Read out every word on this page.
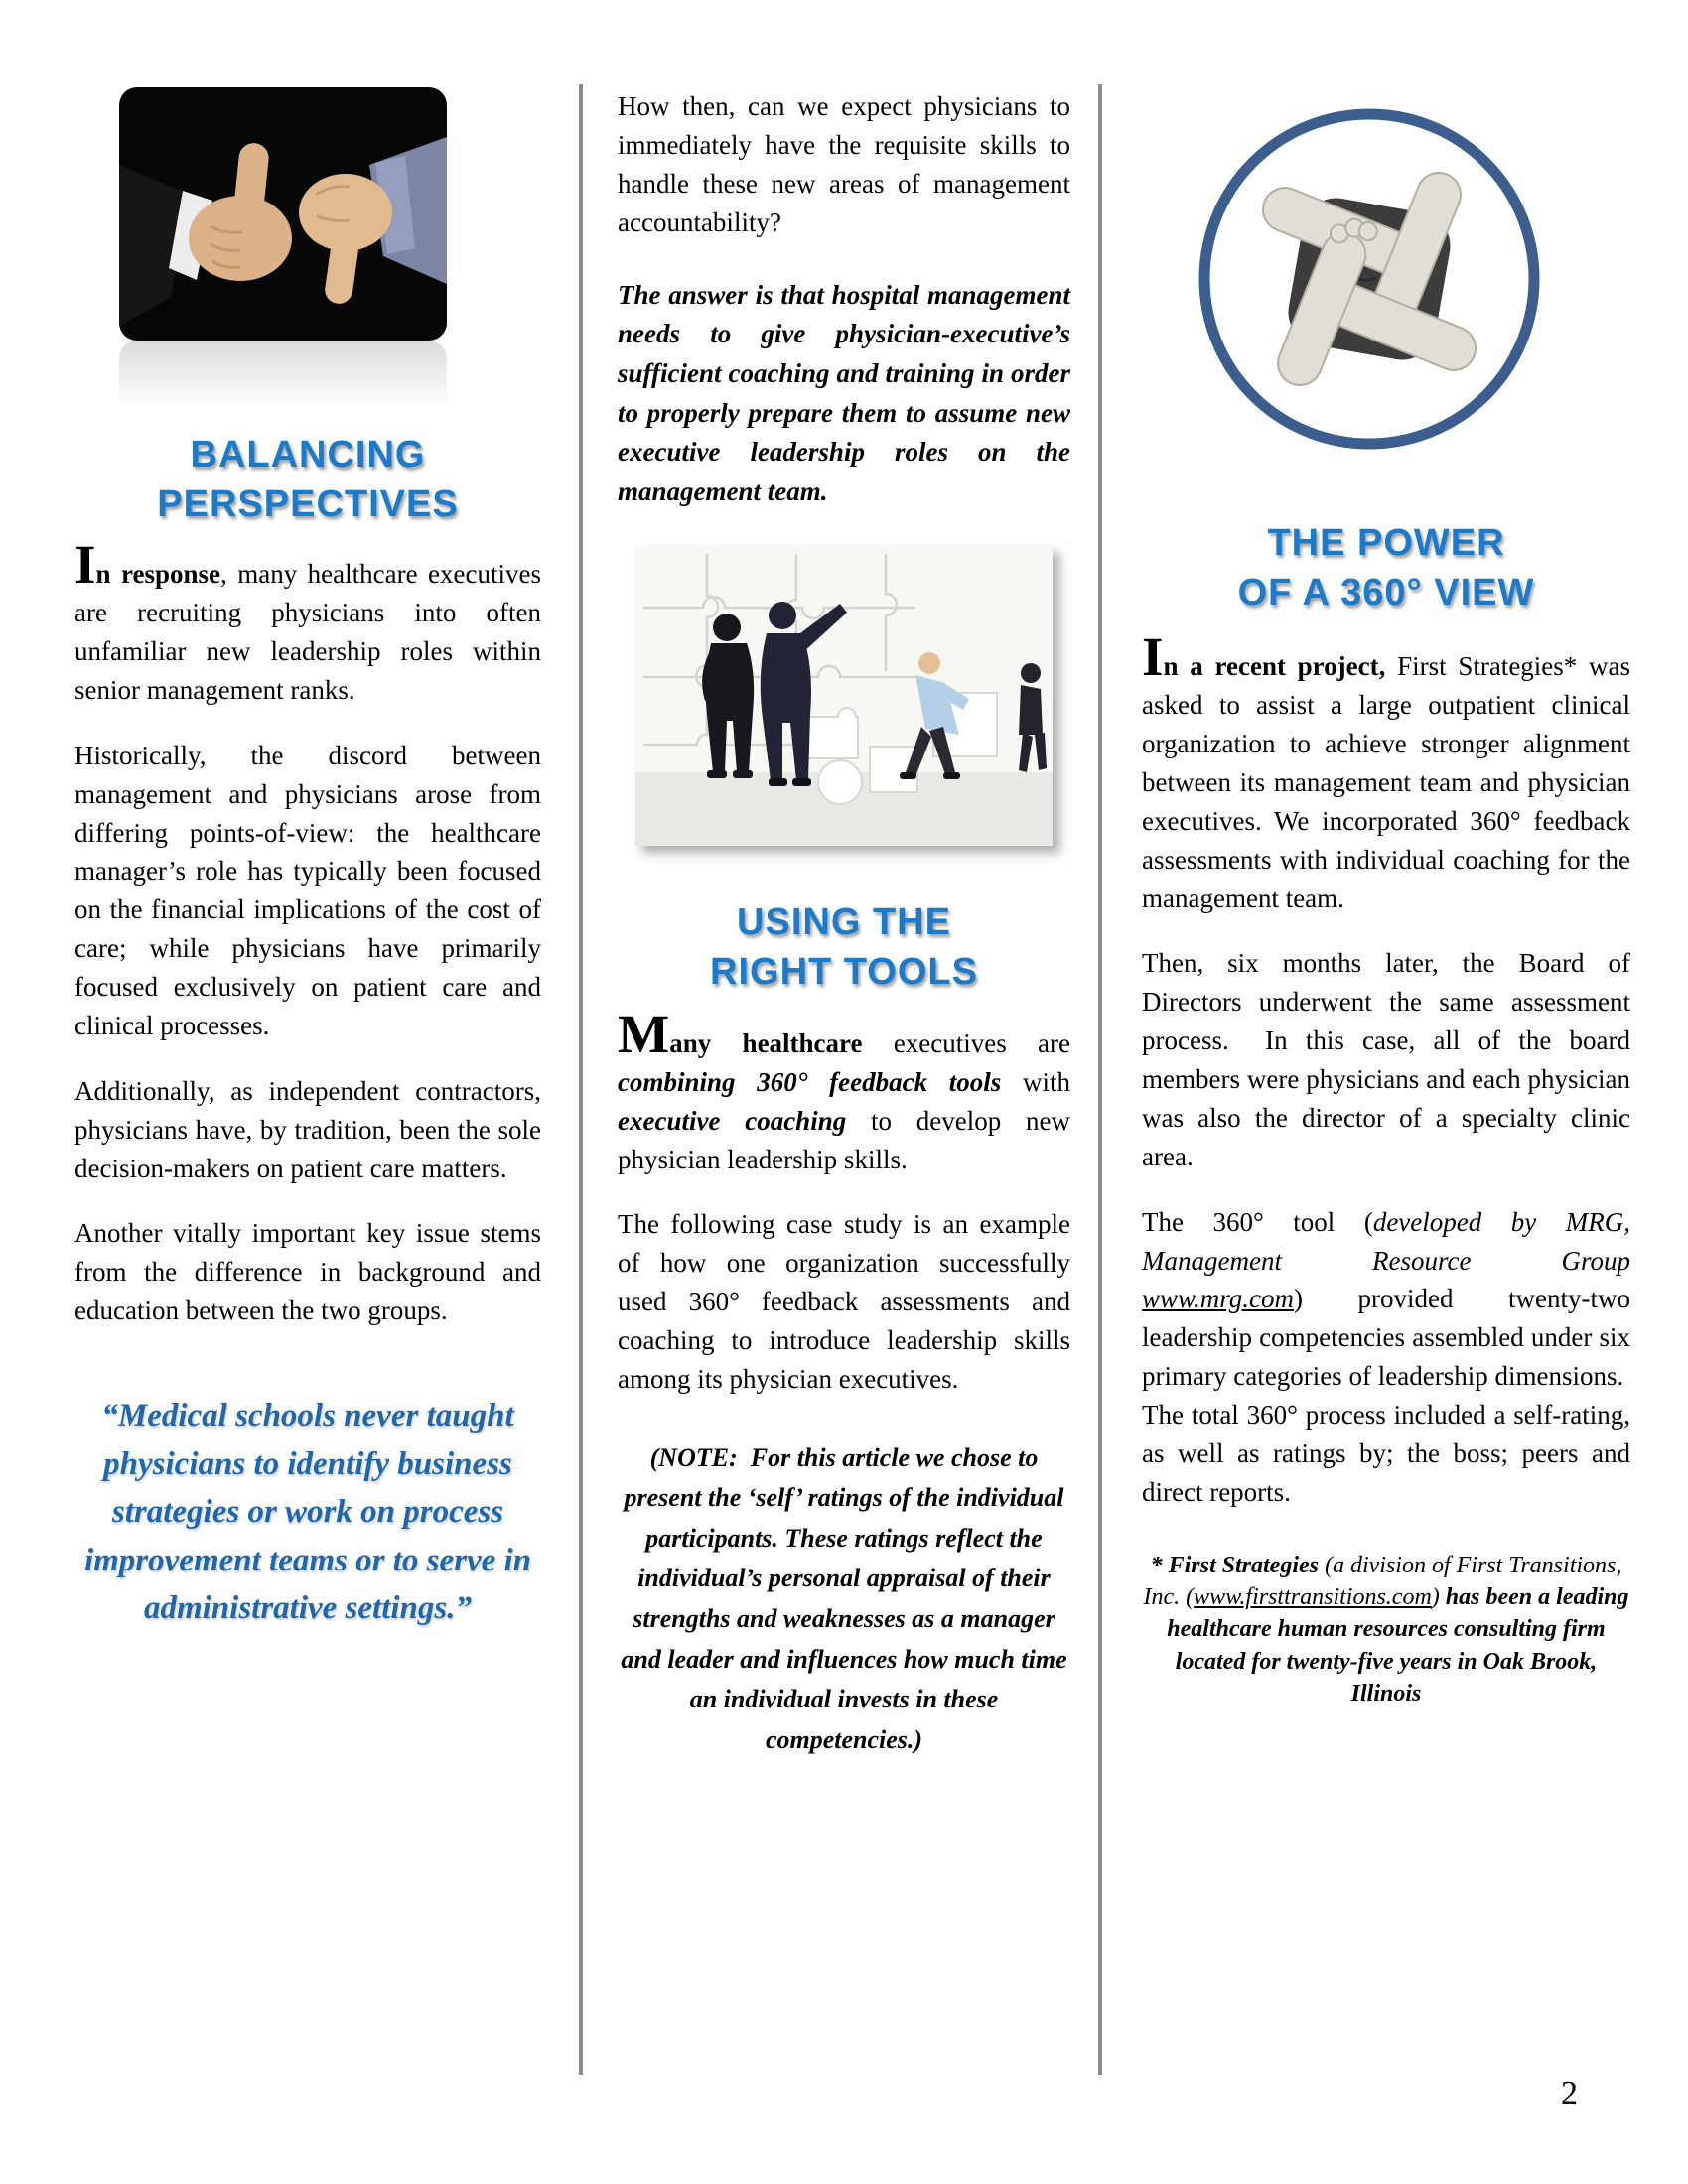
BALANCING
PERSPECTIVES

In response, many healthcare executives are recruiting physicians into often unfamiliar new leadership roles within senior management ranks.

Historically, the discord between management and physicians arose from differing points-of-view: the healthcare manager’s role has typically been focused on the financial implications of the cost of care; while physicians have primarily focused exclusively on patient care and clinical processes.

Additionally, as independent contractors, physicians have, by tradition, been the sole decision-makers on patient care matters.

Another vitally important key issue stems from the difference in background and education between the two groups.

“Medical schools never taught physicians to identify business strategies or work on process improvement teams or to serve in administrative settings.”

How then, can we expect physicians to immediately have the requisite skills to handle these new areas of management accountability?

The answer is that hospital management needs to give physician-executive’s sufficient coaching and training in order to properly prepare them to assume new executive leadership roles on the management team.

USING THE
RIGHT TOOLS

Many healthcare executives are combining 360° feedback tools with executive coaching to develop new physician leadership skills.

The following case study is an example of how one organization successfully used 360° feedback assessments and coaching to introduce leadership skills among its physician executives.

(NOTE:  For this article we chose to present the ‘self’ ratings of the individual participants. These ratings reflect the individual’s personal appraisal of their strengths and weaknesses as a manager and leader and influences how much time an individual invests in these competencies.)
THE POWER
OF A 360° VIEW

In a recent project, First Strategies* was asked to assist a large outpatient clinical organization to achieve stronger alignment between its management team and physician executives. We incorporated 360° feedback assessments with individual coaching for the management team.

Then, six months later, the Board of Directors underwent the same assessment process.  In this case, all of the board members were physicians and each physician was also the director of a specialty clinic area.

The 360° tool (developed by MRG, Management Resource Group www.mrg.com) provided twenty-two leadership competencies assembled under six primary categories of leadership dimensions.  The total 360° process included a self-rating, as well as ratings by; the boss; peers and direct reports.

* First Strategies (a division of First Transitions, Inc. (www.firsttransitions.com) has been a leading healthcare human resources consulting firm located for twenty-five years in Oak Brook, Illinois
2
